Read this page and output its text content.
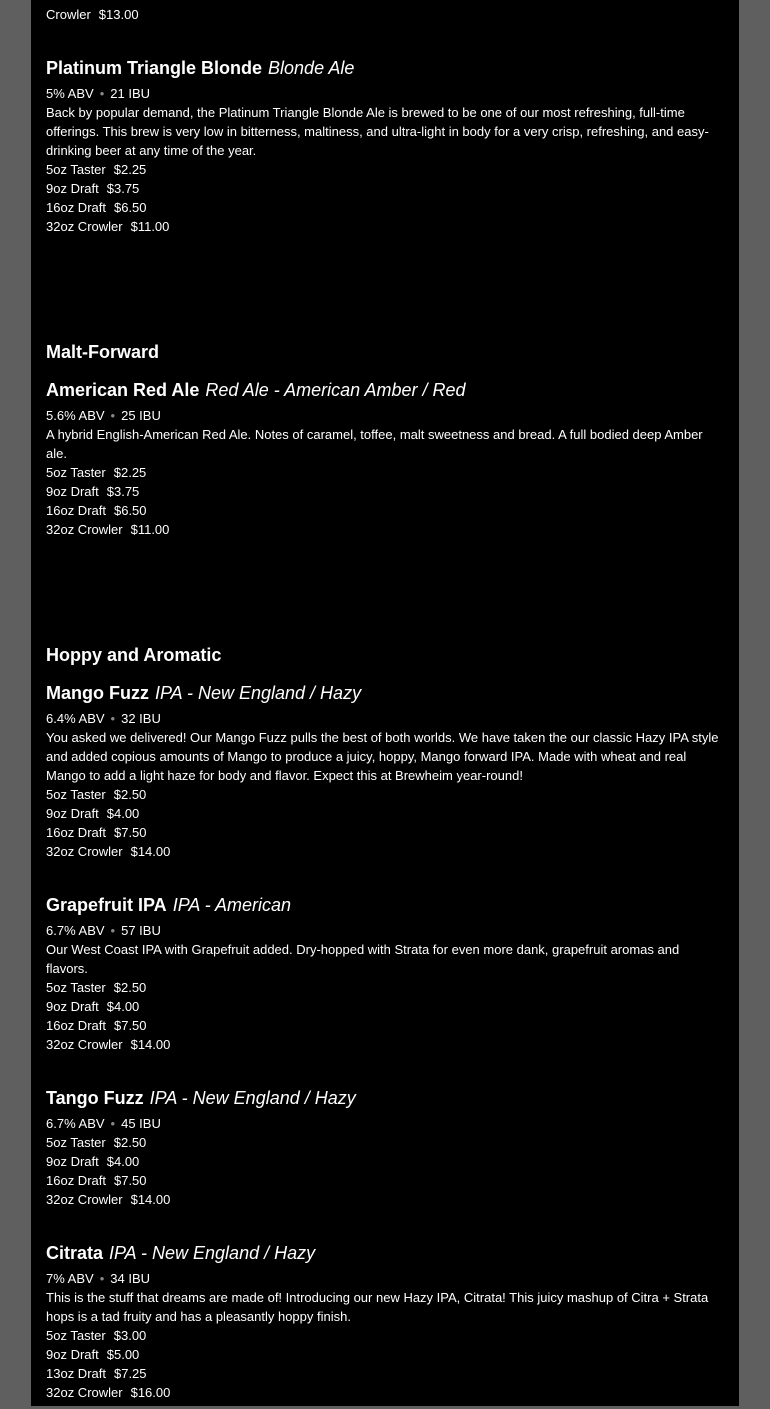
Crowler $13.00
Platinum Triangle Blonde Blonde Ale
5% ABV • 21 IBU
Back by popular demand, the Platinum Triangle Blonde Ale is brewed to be one of our most refreshing, full-time offerings. This brew is very low in bitterness, maltiness, and ultra-light in body for a very crisp, refreshing, and easy-drinking beer at any time of the year.
5oz Taster $2.25
9oz Draft $3.75
16oz Draft $6.50
32oz Crowler $11.00
Malt-Forward
American Red Ale Red Ale - American Amber / Red
5.6% ABV • 25 IBU
A hybrid English-American Red Ale. Notes of caramel, toffee, malt sweetness and bread. A full bodied deep Amber ale.
5oz Taster $2.25
9oz Draft $3.75
16oz Draft $6.50
32oz Crowler $11.00
Hoppy and Aromatic
Mango Fuzz IPA - New England / Hazy
6.4% ABV • 32 IBU
You asked we delivered! Our Mango Fuzz pulls the best of both worlds. We have taken the our classic Hazy IPA style and added copious amounts of Mango to produce a juicy, hoppy, Mango forward IPA. Made with wheat and real Mango to add a light haze for body and flavor. Expect this at Brewheim year-round!
5oz Taster $2.50
9oz Draft $4.00
16oz Draft $7.50
32oz Crowler $14.00
Grapefruit IPA IPA - American
6.7% ABV • 57 IBU
Our West Coast IPA with Grapefruit added. Dry-hopped with Strata for even more dank, grapefruit aromas and flavors.
5oz Taster $2.50
9oz Draft $4.00
16oz Draft $7.50
32oz Crowler $14.00
Tango Fuzz IPA - New England / Hazy
6.7% ABV • 45 IBU
5oz Taster $2.50
9oz Draft $4.00
16oz Draft $7.50
32oz Crowler $14.00
Citrata IPA - New England / Hazy
7% ABV • 34 IBU
This is the stuff that dreams are made of! Introducing our new Hazy IPA, Citrata! This juicy mashup of Citra + Strata hops is a tad fruity and has a pleasantly hoppy finish.
5oz Taster $3.00
9oz Draft $5.00
13oz Draft $7.25
32oz Crowler $16.00
